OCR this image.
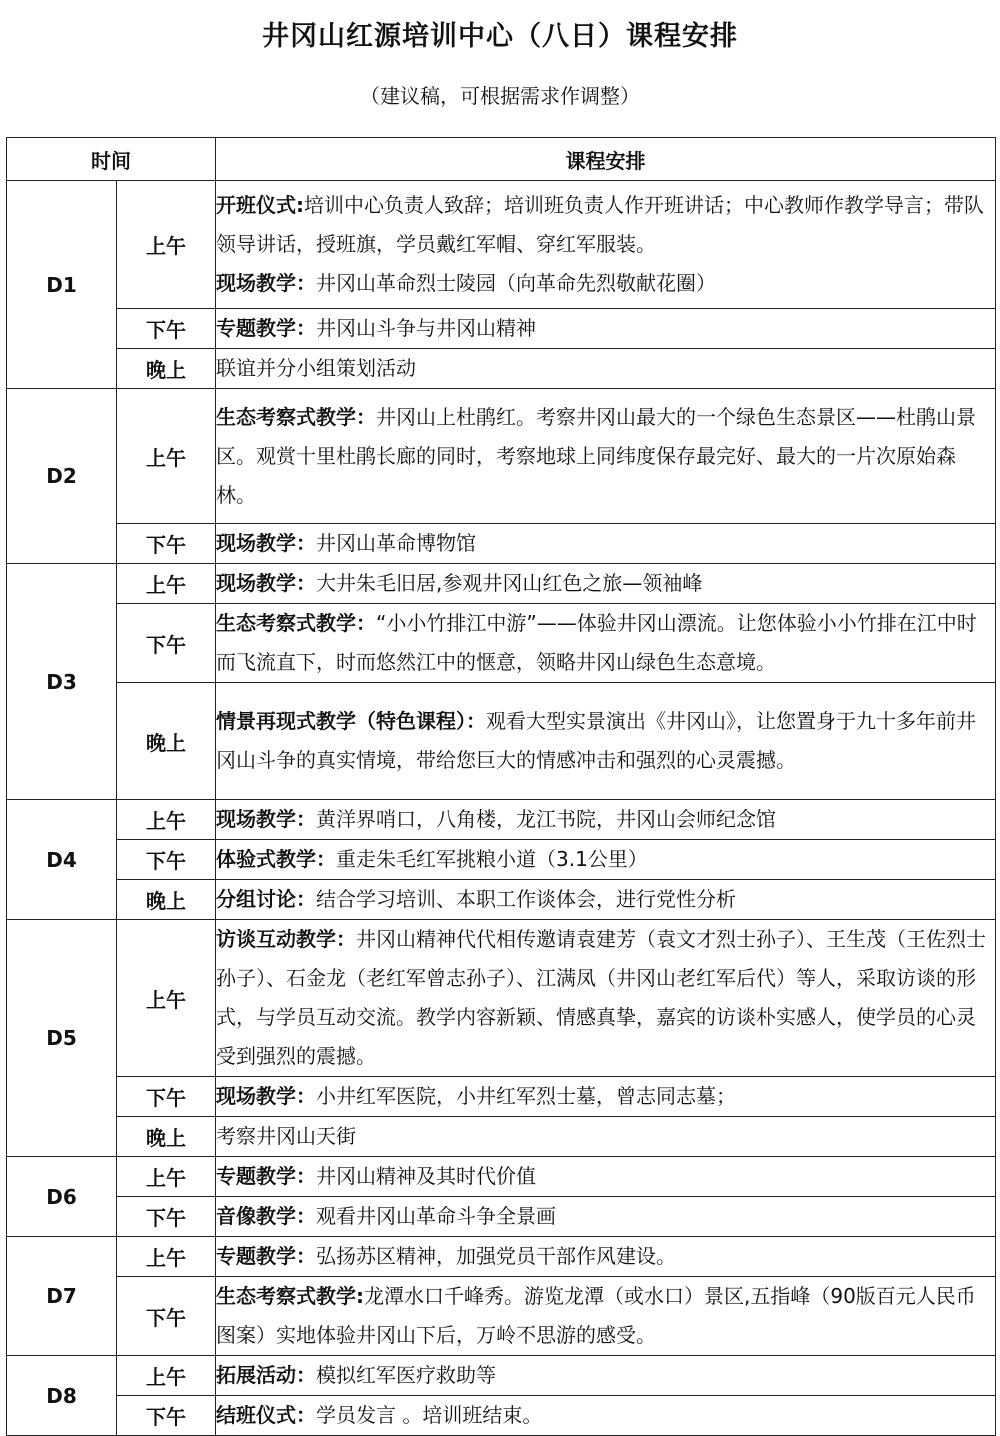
井冈山红源培训中心（八日）课程安排

（建议稿，可根据需求作调整）

时间		课程安排
D1	上午	开班仪式:培训中心负责人致辞；培训班负责人作开班讲话；中心教师作教学导言；带队领导讲话，授班旗，学员戴红军帽、穿红军服装。
现场教学：井冈山革命烈士陵园（向革命先烈敬献花圈）

	下午	专题教学：井冈山斗争与井冈山精神

	晚上	联谊并分小组策划活动

D2	上午	生态考察式教学：井冈山上杜鹃红。考察井冈山最大的一个绿色生态景区——杜鹃山景区。观赏十里杜鹃长廊的同时，考察地球上同纬度保存最完好、最大的一片次原始森林。

	下午	现场教学：井冈山革命博物馆

D3	上午	现场教学：大井朱毛旧居,参观井冈山红色之旅—领袖峰

	下午	生态考察式教学：“小小竹排江中游”——体验井冈山漂流。让您体验小小竹排在江中时而飞流直下，时而悠然江中的惬意，领略井冈山绿色生态意境。

	晚上	情景再现式教学（特色课程）：观看大型实景演出《井冈山》，让您置身于九十多年前井冈山斗争的真实情境，带给您巨大的情感冲击和强烈的心灵震撼。

D4	上午	现场教学：黄洋界哨口，八角楼，龙江书院，井冈山会师纪念馆

	下午	体验式教学：重走朱毛红军挑粮小道（3.1公里）

	晚上	分组讨论：结合学习培训、本职工作谈体会，进行党性分析

D5	上午	访谈互动教学：井冈山精神代代相传邀请袁建芳（袁文才烈士孙子）、王生茂（王佐烈士孙子）、石金龙（老红军曾志孙子）、江满凤（井冈山老红军后代）等人，采取访谈的形式，与学员互动交流。教学内容新颖、情感真挚，嘉宾的访谈朴实感人，使学员的心灵受到强烈的震撼。

	下午	现场教学：小井红军医院，小井红军烈士墓，曾志同志墓；

	晚上	考察井冈山天街

D6	上午	专题教学：井冈山精神及其时代价值

	下午	音像教学：观看井冈山革命斗争全景画

D7	上午	专题教学：弘扬苏区精神，加强党员干部作风建设。

	下午	生态考察式教学:龙潭水口千峰秀。游览龙潭（或水口）景区,五指峰（90版百元人民币图案）实地体验井冈山下后，万岭不思游的感受。

D8	上午	拓展活动：模拟红军医疗救助等

	下午	结班仪式：学员发言 。培训班结束。
